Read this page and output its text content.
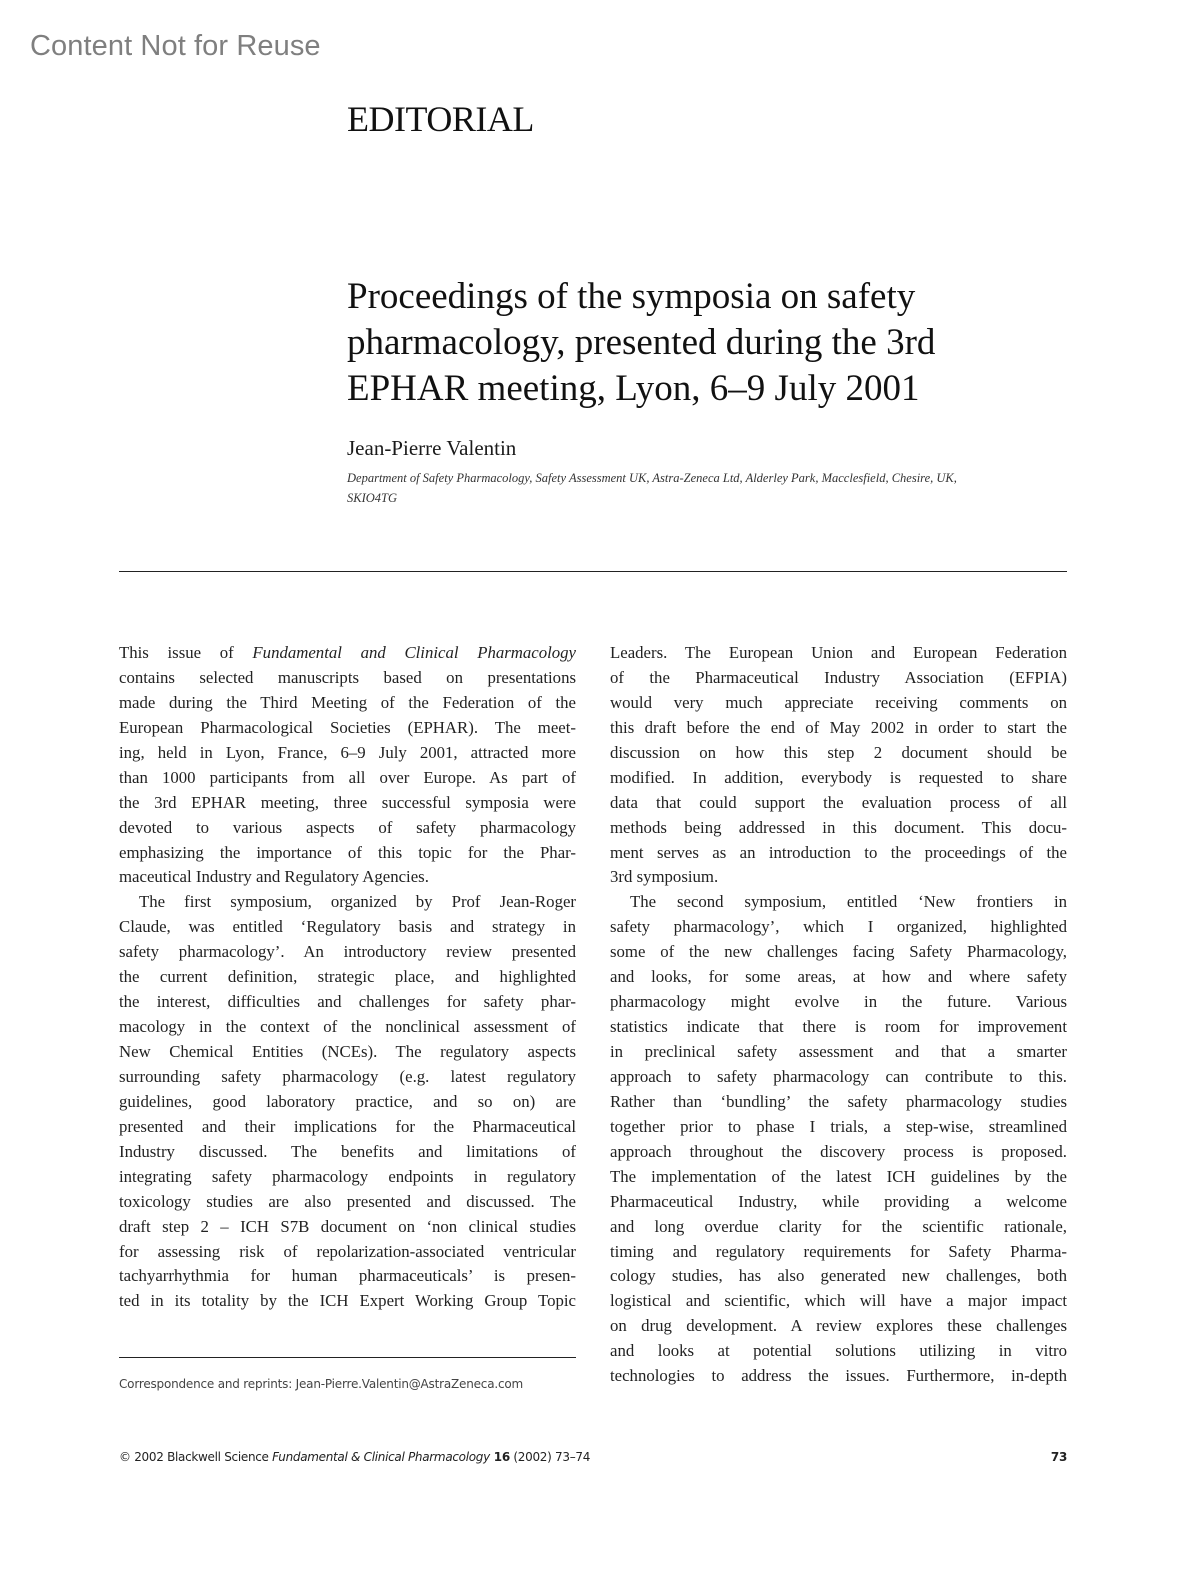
Content Not for Reuse
EDITORIAL
Proceedings of the symposia on safety
pharmacology, presented during the 3rd
EPHAR meeting, Lyon, 6–9 July 2001
Jean-Pierre Valentin
Department of Safety Pharmacology, Safety Assessment UK, Astra-Zeneca Ltd, Alderley Park, Macclesfield, Chesire, UK,
SKIO4TG
This issue of Fundamental and Clinical Pharmacology
contains selected manuscripts based on presentations
made during the Third Meeting of the Federation of the
European Pharmacological Societies (EPHAR). The meet-
ing, held in Lyon, France, 6–9 July 2001, attracted more
than 1000 participants from all over Europe. As part of
the 3rd EPHAR meeting, three successful symposia were
devoted to various aspects of safety pharmacology
emphasizing the importance of this topic for the Phar-
maceutical Industry and Regulatory Agencies.
The first symposium, organized by Prof Jean-Roger
Claude, was entitled ‘Regulatory basis and strategy in
safety pharmacology’. An introductory review presented
the current definition, strategic place, and highlighted
the interest, difficulties and challenges for safety phar-
macology in the context of the nonclinical assessment of
New Chemical Entities (NCEs). The regulatory aspects
surrounding safety pharmacology (e.g. latest regulatory
guidelines, good laboratory practice, and so on) are
presented and their implications for the Pharmaceutical
Industry discussed. The benefits and limitations of
integrating safety pharmacology endpoints in regulatory
toxicology studies are also presented and discussed. The
draft step 2 – ICH S7B document on ‘non clinical studies
for assessing risk of repolarization-associated ventricular
tachyarrhythmia for human pharmaceuticals’ is presen-
ted in its totality by the ICH Expert Working Group Topic
Leaders. The European Union and European Federation
of the Pharmaceutical Industry Association (EFPIA)
would very much appreciate receiving comments on
this draft before the end of May 2002 in order to start the
discussion on how this step 2 document should be
modified. In addition, everybody is requested to share
data that could support the evaluation process of all
methods being addressed in this document. This docu-
ment serves as an introduction to the proceedings of the
3rd symposium.
The second symposium, entitled ‘New frontiers in
safety pharmacology’, which I organized, highlighted
some of the new challenges facing Safety Pharmacology,
and looks, for some areas, at how and where safety
pharmacology might evolve in the future. Various
statistics indicate that there is room for improvement
in preclinical safety assessment and that a smarter
approach to safety pharmacology can contribute to this.
Rather than ‘bundling’ the safety pharmacology studies
together prior to phase I trials, a step-wise, streamlined
approach throughout the discovery process is proposed.
The implementation of the latest ICH guidelines by the
Pharmaceutical Industry, while providing a welcome
and long overdue clarity for the scientific rationale,
timing and regulatory requirements for Safety Pharma-
cology studies, has also generated new challenges, both
logistical and scientific, which will have a major impact
on drug development. A review explores these challenges
and looks at potential solutions utilizing in vitro
technologies to address the issues. Furthermore, in-depth
Correspondence and reprints: Jean-Pierre.Valentin@AstraZeneca.com
© 2002 Blackwell Science Fundamental & Clinical Pharmacology 16 (2002) 73–74	73
